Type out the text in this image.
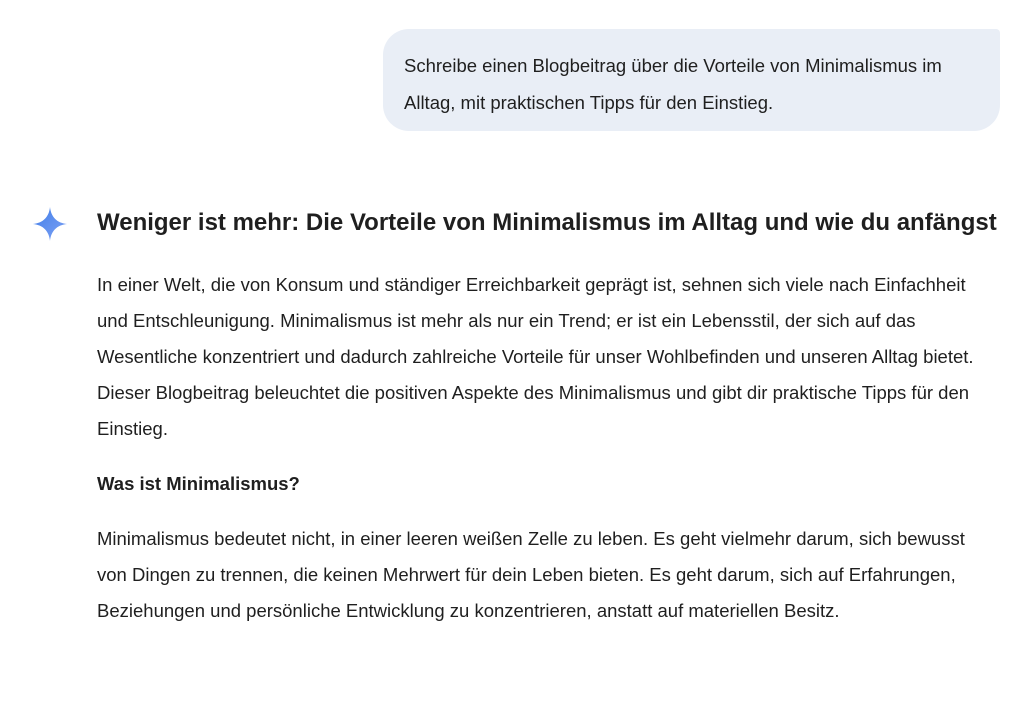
Schreibe einen Blogbeitrag über die Vorteile von Minimalismus im Alltag, mit praktischen Tipps für den Einstieg.
Weniger ist mehr: Die Vorteile von Minimalismus im Alltag und wie du anfängst

In einer Welt, die von Konsum und ständiger Erreichbarkeit geprägt ist, sehnen sich viele nach Einfachheit und Entschleunigung. Minimalismus ist mehr als nur ein Trend; er ist ein Lebensstil, der sich auf das Wesentliche konzentriert und dadurch zahlreiche Vorteile für unser Wohlbefinden und unseren Alltag bietet. Dieser Blogbeitrag beleuchtet die positiven Aspekte des Minimalismus und gibt dir praktische Tipps für den Einstieg.

Was ist Minimalismus?

Minimalismus bedeutet nicht, in einer leeren weißen Zelle zu leben. Es geht vielmehr darum, sich bewusst von Dingen zu trennen, die keinen Mehrwert für dein Leben bieten. Es geht darum, sich auf Erfahrungen, Beziehungen und persönliche Entwicklung zu konzentrieren, anstatt auf materiellen Besitz.
